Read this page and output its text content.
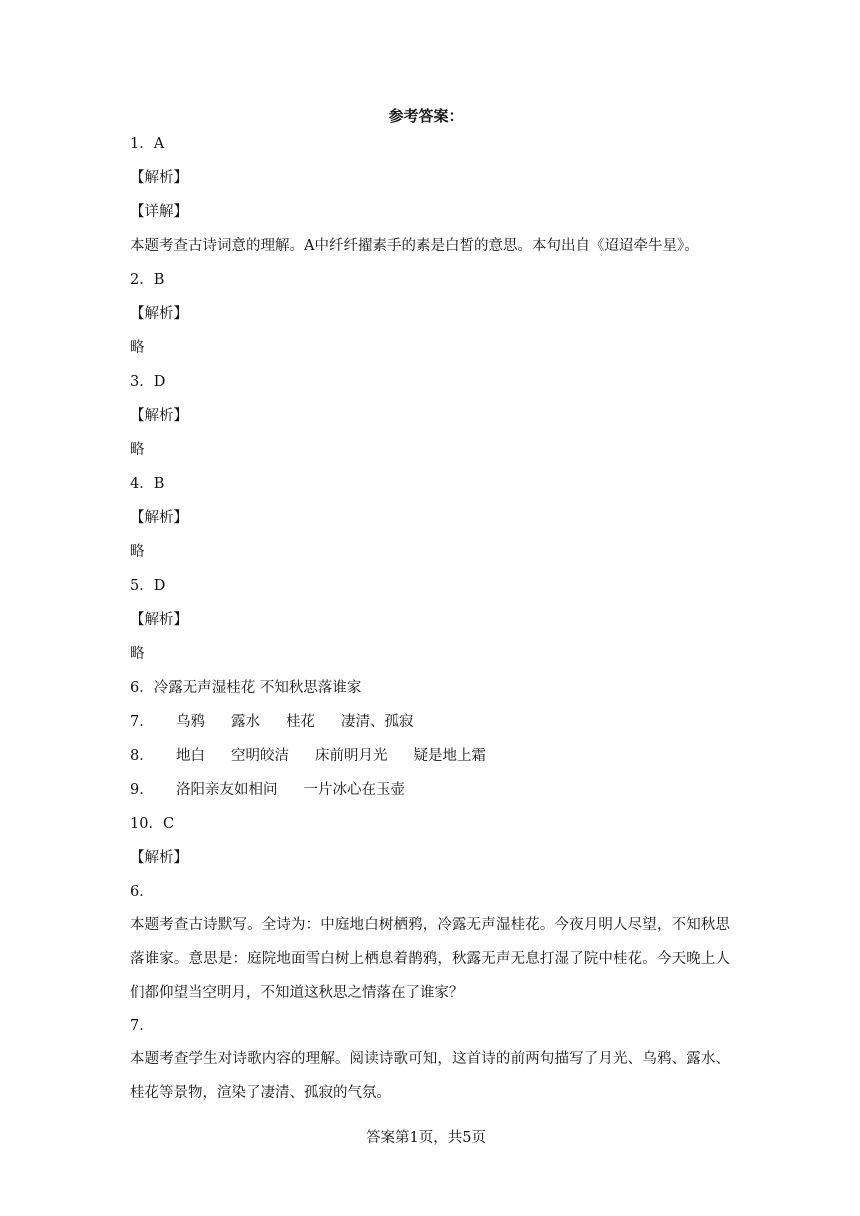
参考答案：

1．A

【解析】

【详解】

本题考查古诗词意的理解。A中纤纤擢素手的素是白皙的意思。本句出自《迢迢牵牛星》。

2．B

【解析】

略

3．D

【解析】

略

4．B

【解析】

略

5．D

【解析】

略

6．冷露无声湿桂花 不知秋思落谁家

7．	乌鸦 露水 桂花 凄清、孤寂
8．	地白 空明皎洁 床前明月光 疑是地上霜
9．	洛阳亲友如相问 一片冰心在玉壶

10．C

【解析】

6．

本题考查古诗默写。全诗为：中庭地白树栖鸦，冷露无声湿桂花。今夜月明人尽望，不知秋思落谁家。意思是：庭院地面雪白树上栖息着鹊鸦，秋露无声无息打湿了院中桂花。今天晚上人们都仰望当空明月，不知道这秋思之情落在了谁家？

7．

本题考查学生对诗歌内容的理解。阅读诗歌可知，这首诗的前两句描写了月光、乌鸦、露水、桂花等景物，渲染了凄清、孤寂的气氛。

答案第1页，共5页
